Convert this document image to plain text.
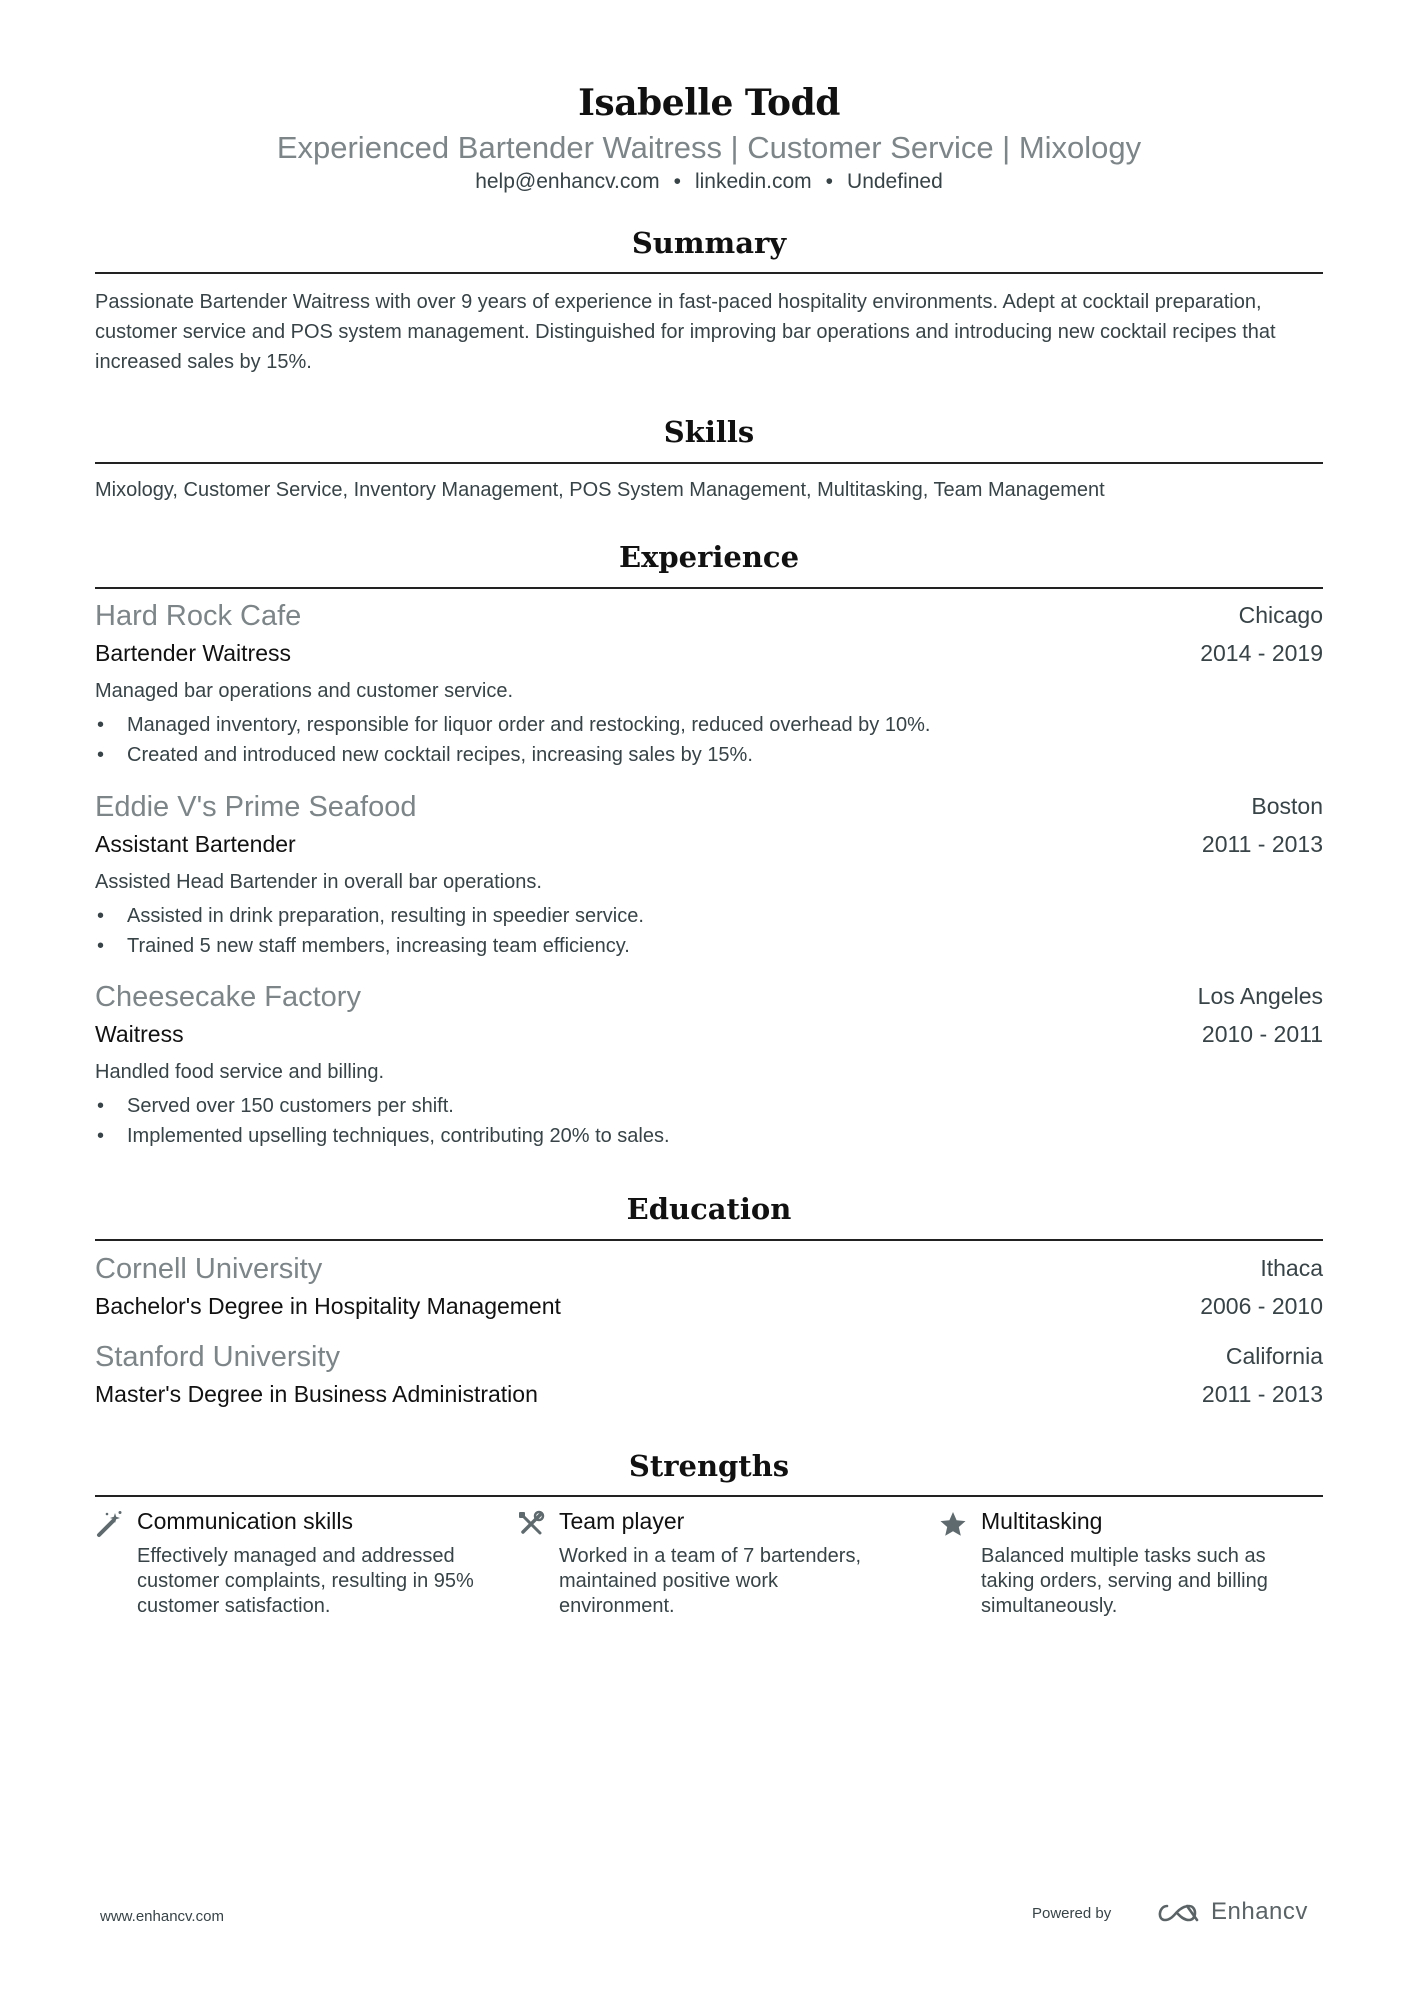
Isabelle Todd
Experienced Bartender Waitress | Customer Service | Mixology
help@enhancv.com • linkedin.com • Undefined
Summary
Passionate Bartender Waitress with over 9 years of experience in fast-paced hospitality environments. Adept at cocktail preparation, customer service and POS system management. Distinguished for improving bar operations and introducing new cocktail recipes that increased sales by 15%.
Skills
Mixology, Customer Service, Inventory Management, POS System Management, Multitasking, Team Management
Experience
Hard Rock Cafe	Chicago
Bartender Waitress	2014 - 2019
Managed bar operations and customer service.
• Managed inventory, responsible for liquor order and restocking, reduced overhead by 10%.
• Created and introduced new cocktail recipes, increasing sales by 15%.
Eddie V's Prime Seafood	Boston
Assistant Bartender	2011 - 2013
Assisted Head Bartender in overall bar operations.
• Assisted in drink preparation, resulting in speedier service.
• Trained 5 new staff members, increasing team efficiency.
Cheesecake Factory	Los Angeles
Waitress	2010 - 2011
Handled food service and billing.
• Served over 150 customers per shift.
• Implemented upselling techniques, contributing 20% to sales.
Education
Cornell University	Ithaca
Bachelor's Degree in Hospitality Management	2006 - 2010
Stanford University	California
Master's Degree in Business Administration	2011 - 2013
Strengths
Communication skills
Effectively managed and addressed customer complaints, resulting in 95% customer satisfaction.
Team player
Worked in a team of 7 bartenders, maintained positive work environment.
Multitasking
Balanced multiple tasks such as taking orders, serving and billing simultaneously.
www.enhancv.com	Powered by	Enhancv
